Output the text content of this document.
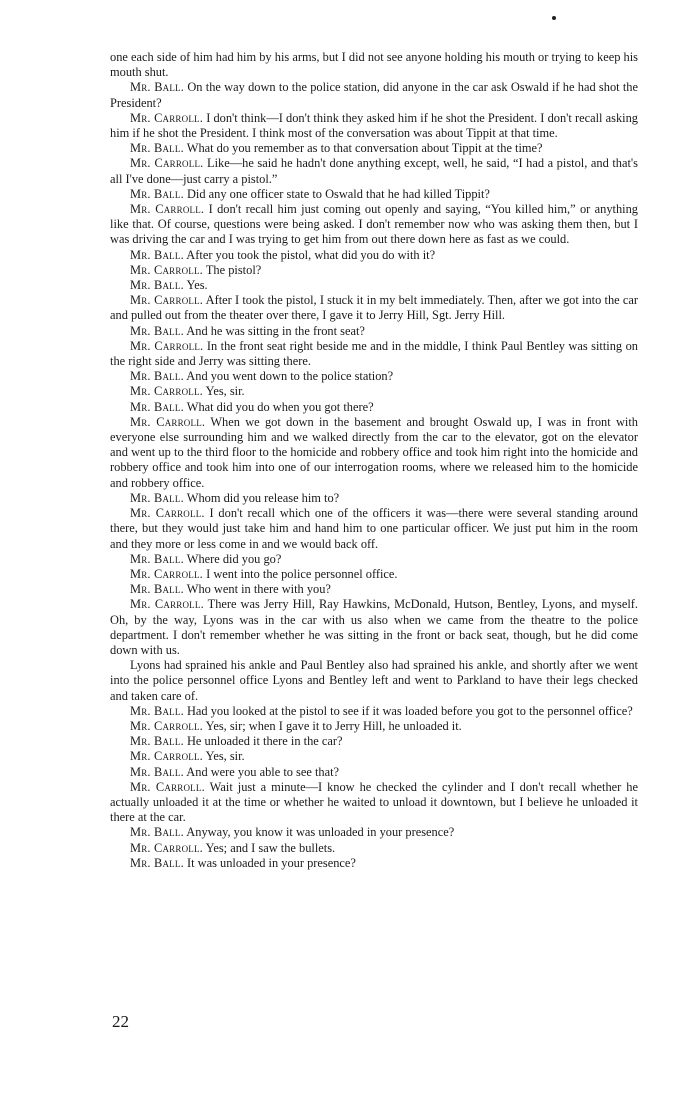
one each side of him had him by his arms, but I did not see anyone holding his mouth or trying to keep his mouth shut.

Mr. Ball. On the way down to the police station, did anyone in the car ask Oswald if he had shot the President?

Mr. Carroll. I don't think—I don't think they asked him if he shot the President. I don't recall asking him if he shot the President. I think most of the conversation was about Tippit at that time.

Mr. Ball. What do you remember as to that conversation about Tippit at the time?

Mr. Carroll. Like—he said he hadn't done anything except, well, he said, “I had a pistol, and that's all I've done—just carry a pistol.”

Mr. Ball. Did any one officer state to Oswald that he had killed Tippit?

Mr. Carroll. I don't recall him just coming out openly and saying, “You killed him,” or anything like that. Of course, questions were being asked. I don't remember now who was asking them then, but I was driving the car and I was trying to get him from out there down here as fast as we could.

Mr. Ball. After you took the pistol, what did you do with it?

Mr. Carroll. The pistol?

Mr. Ball. Yes.

Mr. Carroll. After I took the pistol, I stuck it in my belt immediately. Then, after we got into the car and pulled out from the theater over there, I gave it to Jerry Hill, Sgt. Jerry Hill.

Mr. Ball. And he was sitting in the front seat?

Mr. Carroll. In the front seat right beside me and in the middle, I think Paul Bentley was sitting on the right side and Jerry was sitting there.

Mr. Ball. And you went down to the police station?

Mr. Carroll. Yes, sir.

Mr. Ball. What did you do when you got there?

Mr. Carroll. When we got down in the basement and brought Oswald up, I was in front with everyone else surrounding him and we walked directly from the car to the elevator, got on the elevator and went up to the third floor to the homicide and robbery office and took him right into the homicide and robbery office and took him into one of our interrogation rooms, where we released him to the homicide and robbery office.

Mr. Ball. Whom did you release him to?

Mr. Carroll. I don't recall which one of the officers it was—there were several standing around there, but they would just take him and hand him to one particular officer. We just put him in the room and they more or less come in and we would back off.

Mr. Ball. Where did you go?

Mr. Carroll. I went into the police personnel office.

Mr. Ball. Who went in there with you?

Mr. Carroll. There was Jerry Hill, Ray Hawkins, McDonald, Hutson, Bentley, Lyons, and myself. Oh, by the way, Lyons was in the car with us also when we came from the theatre to the police department. I don't remember whether he was sitting in the front or back seat, though, but he did come down with us.

Lyons had sprained his ankle and Paul Bentley also had sprained his ankle, and shortly after we went into the police personnel office Lyons and Bentley left and went to Parkland to have their legs checked and taken care of.

Mr. Ball. Had you looked at the pistol to see if it was loaded before you got to the personnel office?

Mr. Carroll. Yes, sir; when I gave it to Jerry Hill, he unloaded it.

Mr. Ball. He unloaded it there in the car?

Mr. Carroll. Yes, sir.

Mr. Ball. And were you able to see that?

Mr. Carroll. Wait just a minute—I know he checked the cylinder and I don't recall whether he actually unloaded it at the time or whether he waited to unload it downtown, but I believe he unloaded it there at the car.

Mr. Ball. Anyway, you know it was unloaded in your presence?

Mr. Carroll. Yes; and I saw the bullets.

Mr. Ball. It was unloaded in your presence?

22
